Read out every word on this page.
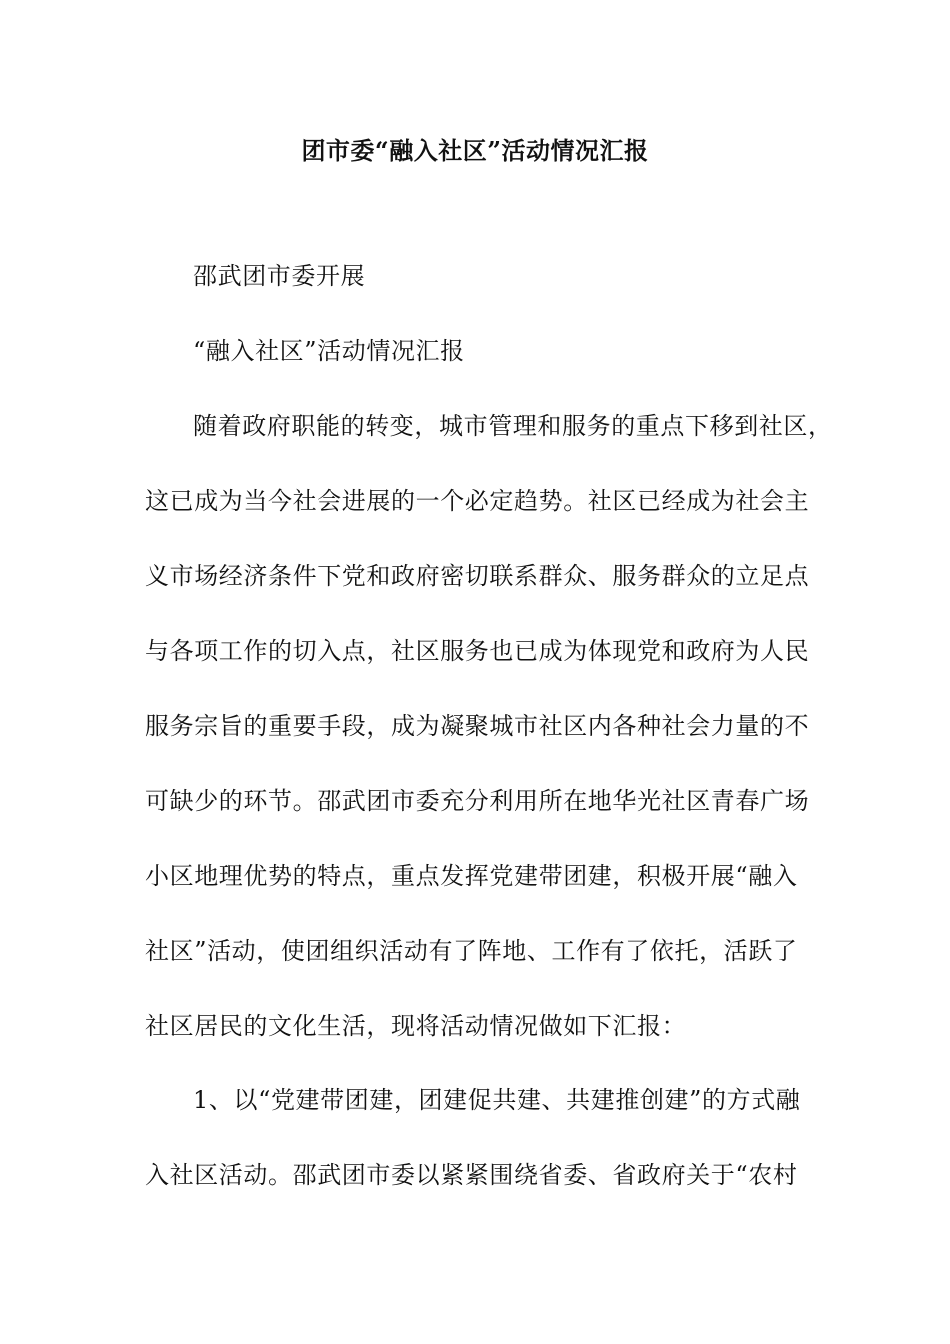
团市委“融入社区”活动情况汇报
邵武团市委开展
“融入社区”活动情况汇报
随着政府职能的转变，城市管理和服务的重点下移到社区，
这已成为当今社会进展的一个必定趋势。社区已经成为社会主
义市场经济条件下党和政府密切联系群众、服务群众的立足点
与各项工作的切入点，社区服务也已成为体现党和政府为人民
服务宗旨的重要手段，成为凝聚城市社区内各种社会力量的不
可缺少的环节。邵武团市委充分利用所在地华光社区青春广场
小区地理优势的特点，重点发挥党建带团建，积极开展“融入
社区”活动，使团组织活动有了阵地、工作有了依托，活跃了
社区居民的文化生活，现将活动情况做如下汇报：
1、以“党建带团建，团建促共建、共建推创建”的方式融
入社区活动。邵武团市委以紧紧围绕省委、省政府关于“农村
